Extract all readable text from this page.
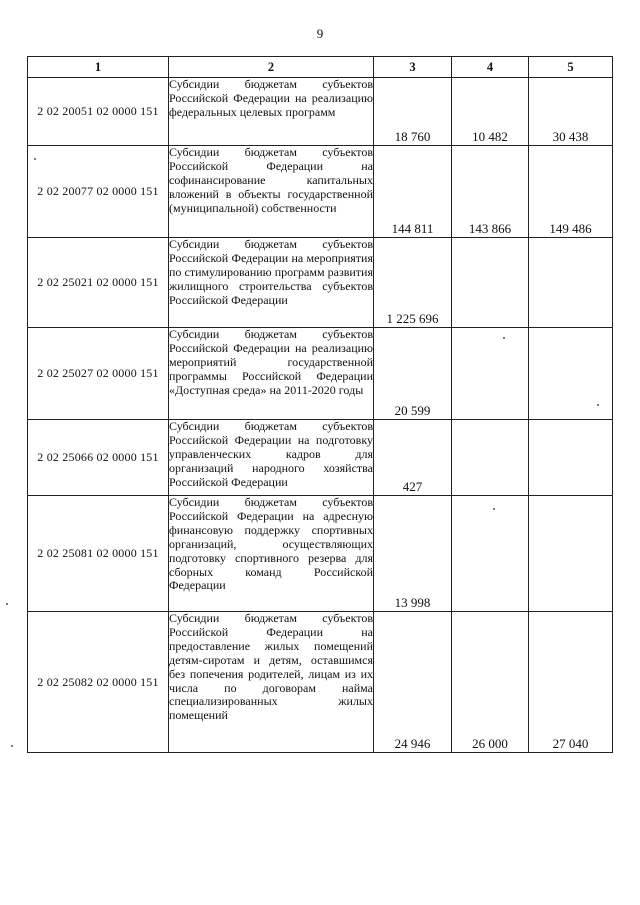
9
1	2	3	4	5
2 02 20051 02 0000 151	Субсидии бюджетам субъектов Российской Федерации на реализацию федеральных целевых программ	18 760	10 482	30 438
2 02 20077 02 0000 151	Субсидии бюджетам субъектов Российской Федерации на софинансирование капитальных вложений в объекты государственной (муниципальной) собственности	144 811	143 866	149 486
2 02 25021 02 0000 151	Субсидии бюджетам субъектов Российской Федерации на мероприятия по стимулированию программ развития жилищного строительства субъектов Российской Федерации	1 225 696		
2 02 25027 02 0000 151	Субсидии бюджетам субъектов Российской Федерации на реализацию мероприятий государственной программы Российской Федерации «Доступная среда» на 2011-2020 годы	20 599		
2 02 25066 02 0000 151	Субсидии бюджетам субъектов Российской Федерации на подготовку управленческих кадров для организаций народного хозяйства Российской Федерации	427		
2 02 25081 02 0000 151	Субсидии бюджетам субъектов Российской Федерации на адресную финансовую поддержку спортивных организаций, осуществляющих подготовку спортивного резерва для сборных команд Российской Федерации	13 998		
2 02 25082 02 0000 151	Субсидии бюджетам субъектов Российской Федерации на предоставление жилых помещений детям-сиротам и детям, оставшимся без попечения родителей, лицам из их числа по договорам найма специализированных жилых помещений	24 946	26 000	27 040
